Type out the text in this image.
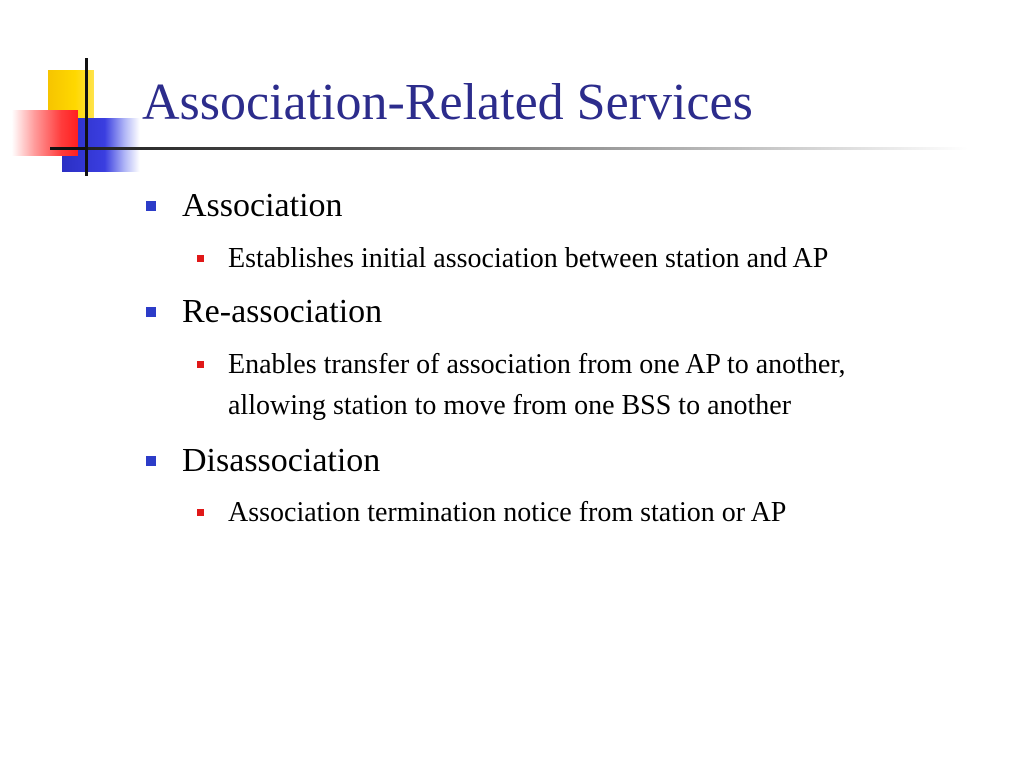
Association-Related Services
Association
Establishes initial association between station and AP
Re-association
Enables transfer of association from one AP to another,
allowing station to move from one BSS to another
Disassociation
Association termination notice from station or AP
